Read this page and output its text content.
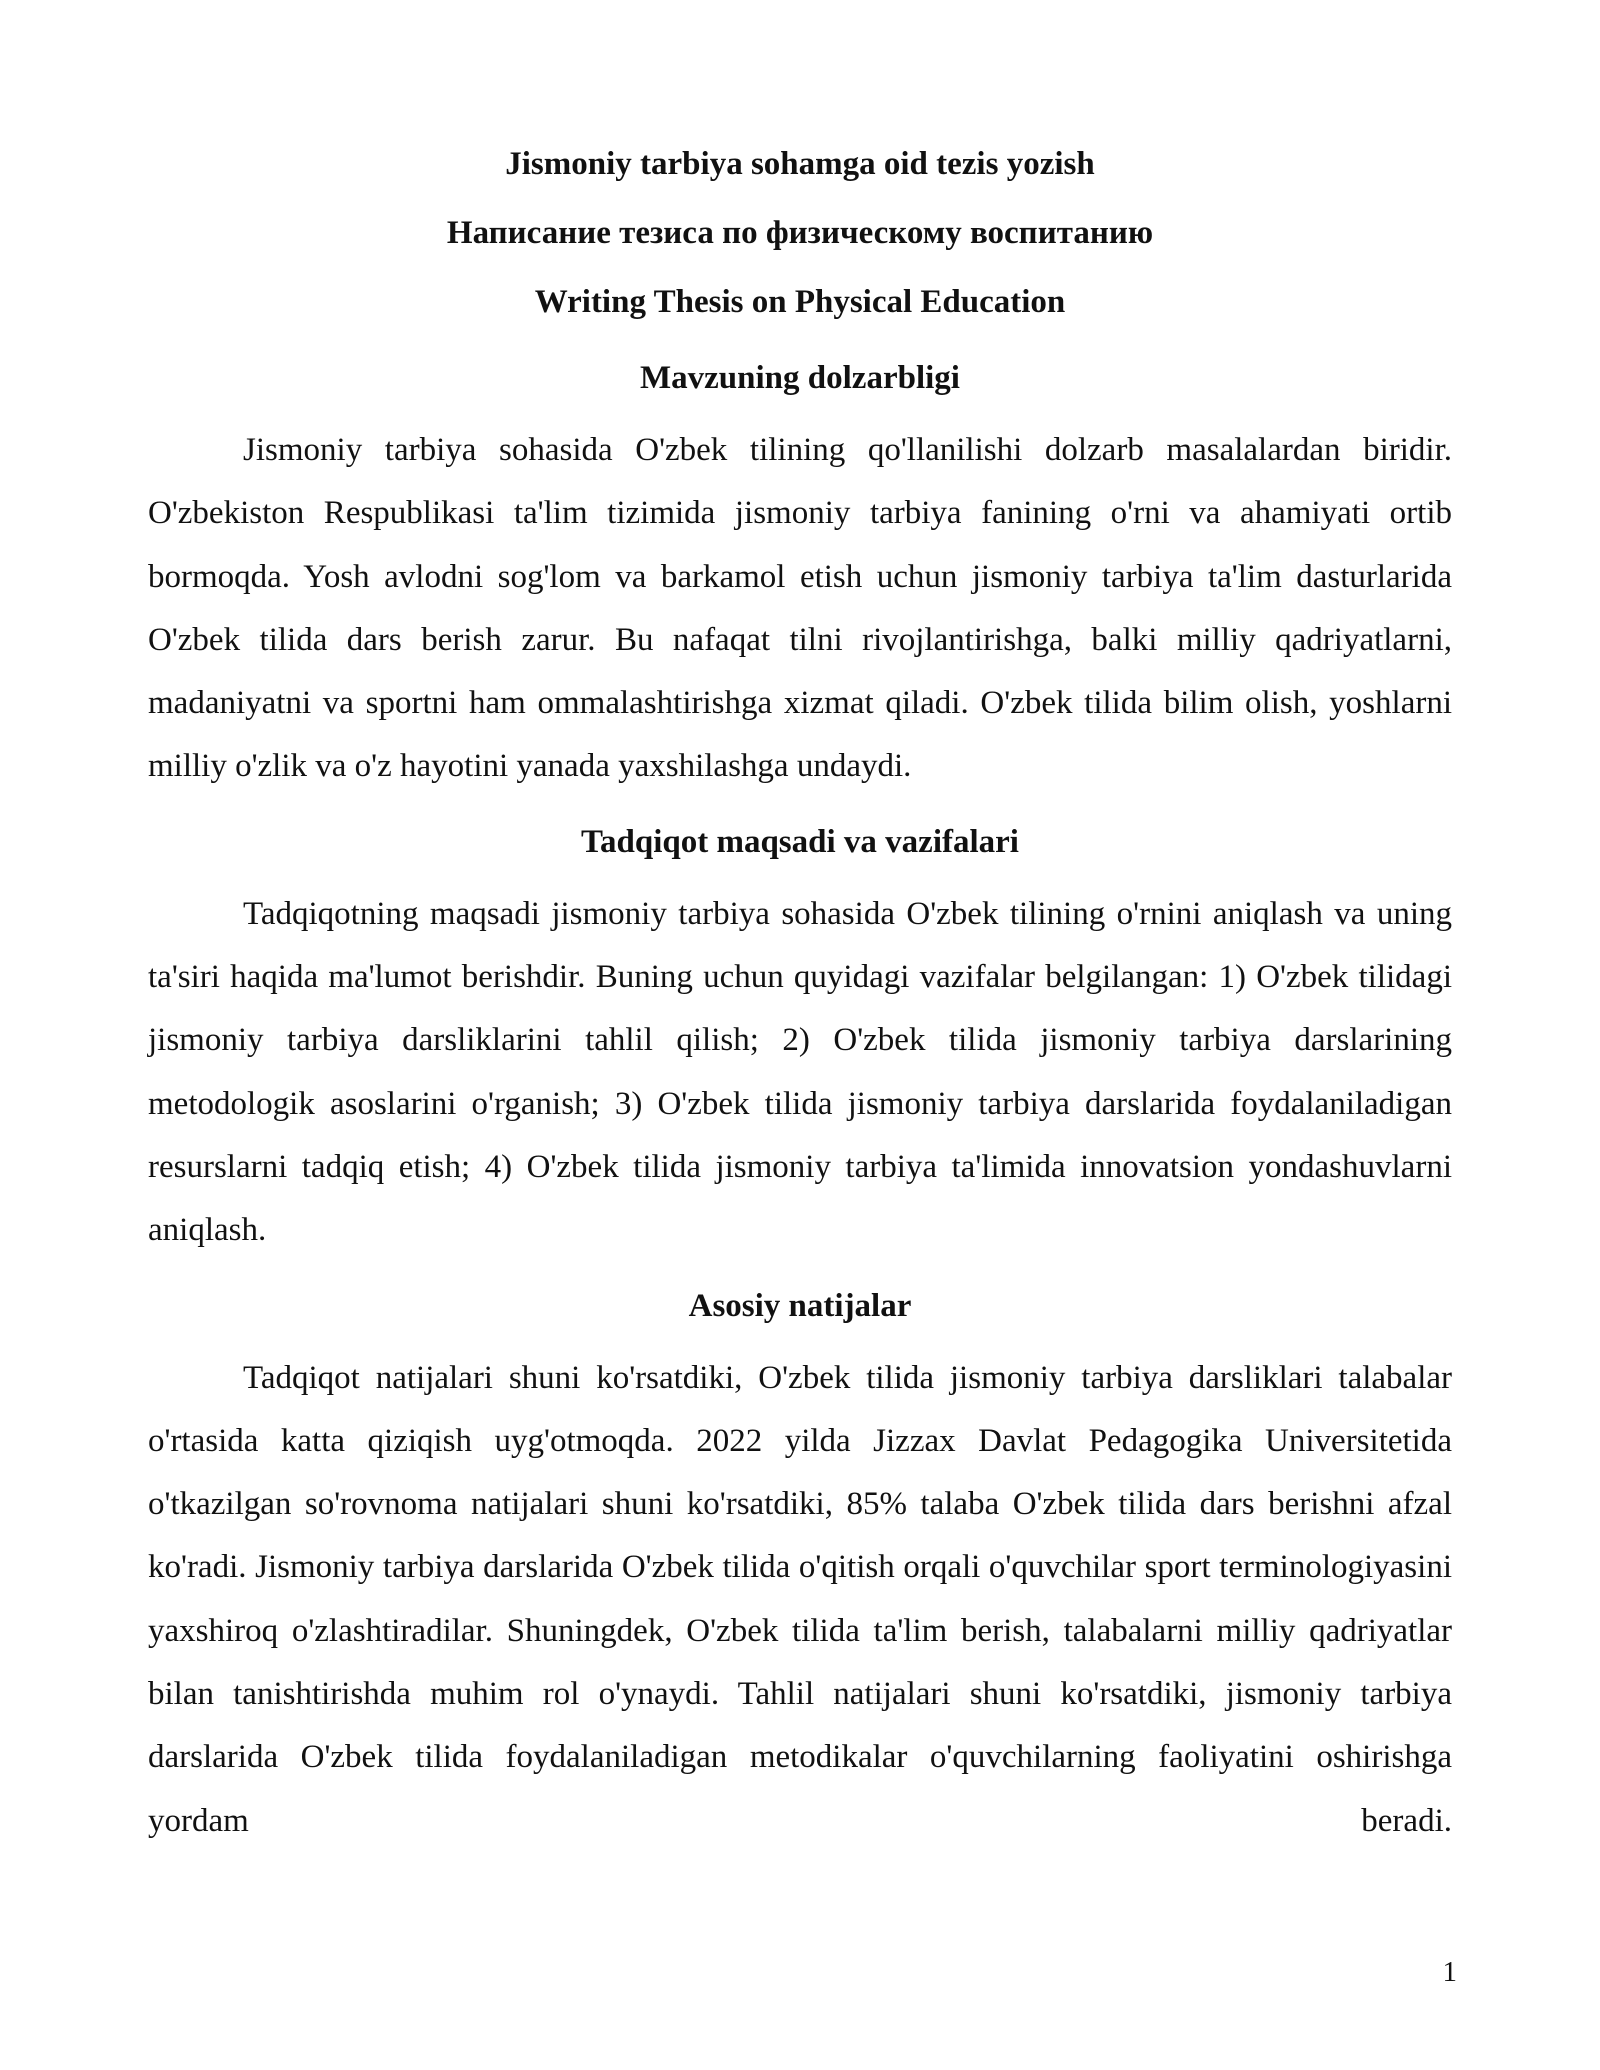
Jismoniy tarbiya sohamga oid tezis yozish
Написание тезиса по физическому воспитанию
Writing Thesis on Physical Education
Mavzuning dolzarbligi

Jismoniy tarbiya sohasida O'zbek tilining qo'llanilishi dolzarb masalalardan biridir. O'zbekiston Respublikasi ta'lim tizimida jismoniy tarbiya fanining o'rni va ahamiyati ortib bormoqda. Yosh avlodni sog'lom va barkamol etish uchun jismoniy tarbiya ta'lim dasturlarida O'zbek tilida dars berish zarur. Bu nafaqat tilni rivojlantirishga, balki milliy qadriyatlarni, madaniyatni va sportni ham ommalashtirishga xizmat qiladi. O'zbek tilida bilim olish, yoshlarni milliy o'zlik va o'z hayotini yanada yaxshilashga undaydi.

Tadqiqot maqsadi va vazifalari

Tadqiqotning maqsadi jismoniy tarbiya sohasida O'zbek tilining o'rnini aniqlash va uning ta'siri haqida ma'lumot berishdir. Buning uchun quyidagi vazifalar belgilangan: 1) O'zbek tilidagi jismoniy tarbiya darsliklarini tahlil qilish; 2) O'zbek tilida jismoniy tarbiya darslarining metodologik asoslarini o'rganish; 3) O'zbek tilida jismoniy tarbiya darslarida foydalaniladigan resurslarni tadqiq etish; 4) O'zbek tilida jismoniy tarbiya ta'limida innovatsion yondashuvlarni aniqlash.

Asosiy natijalar

Tadqiqot natijalari shuni ko'rsatdiki, O'zbek tilida jismoniy tarbiya darsliklari talabalar o'rtasida katta qiziqish uyg'otmoqda. 2022 yilda Jizzax Davlat Pedagogika Universitetida o'tkazilgan so'rovnoma natijalari shuni ko'rsatdiki, 85% talaba O'zbek tilida dars berishni afzal ko'radi. Jismoniy tarbiya darslarida O'zbek tilida o'qitish orqali o'quvchilar sport terminologiyasini yaxshiroq o'zlashtiradilar. Shuningdek, O'zbek tilida ta'lim berish, talabalarni milliy qadriyatlar bilan tanishtirishda muhim rol o'ynaydi. Tahlil natijalari shuni ko'rsatdiki, jismoniy tarbiya darslarida O'zbek tilida foydalaniladigan metodikalar o'quvchilarning faoliyatini oshirishga yordam beradi.

1
